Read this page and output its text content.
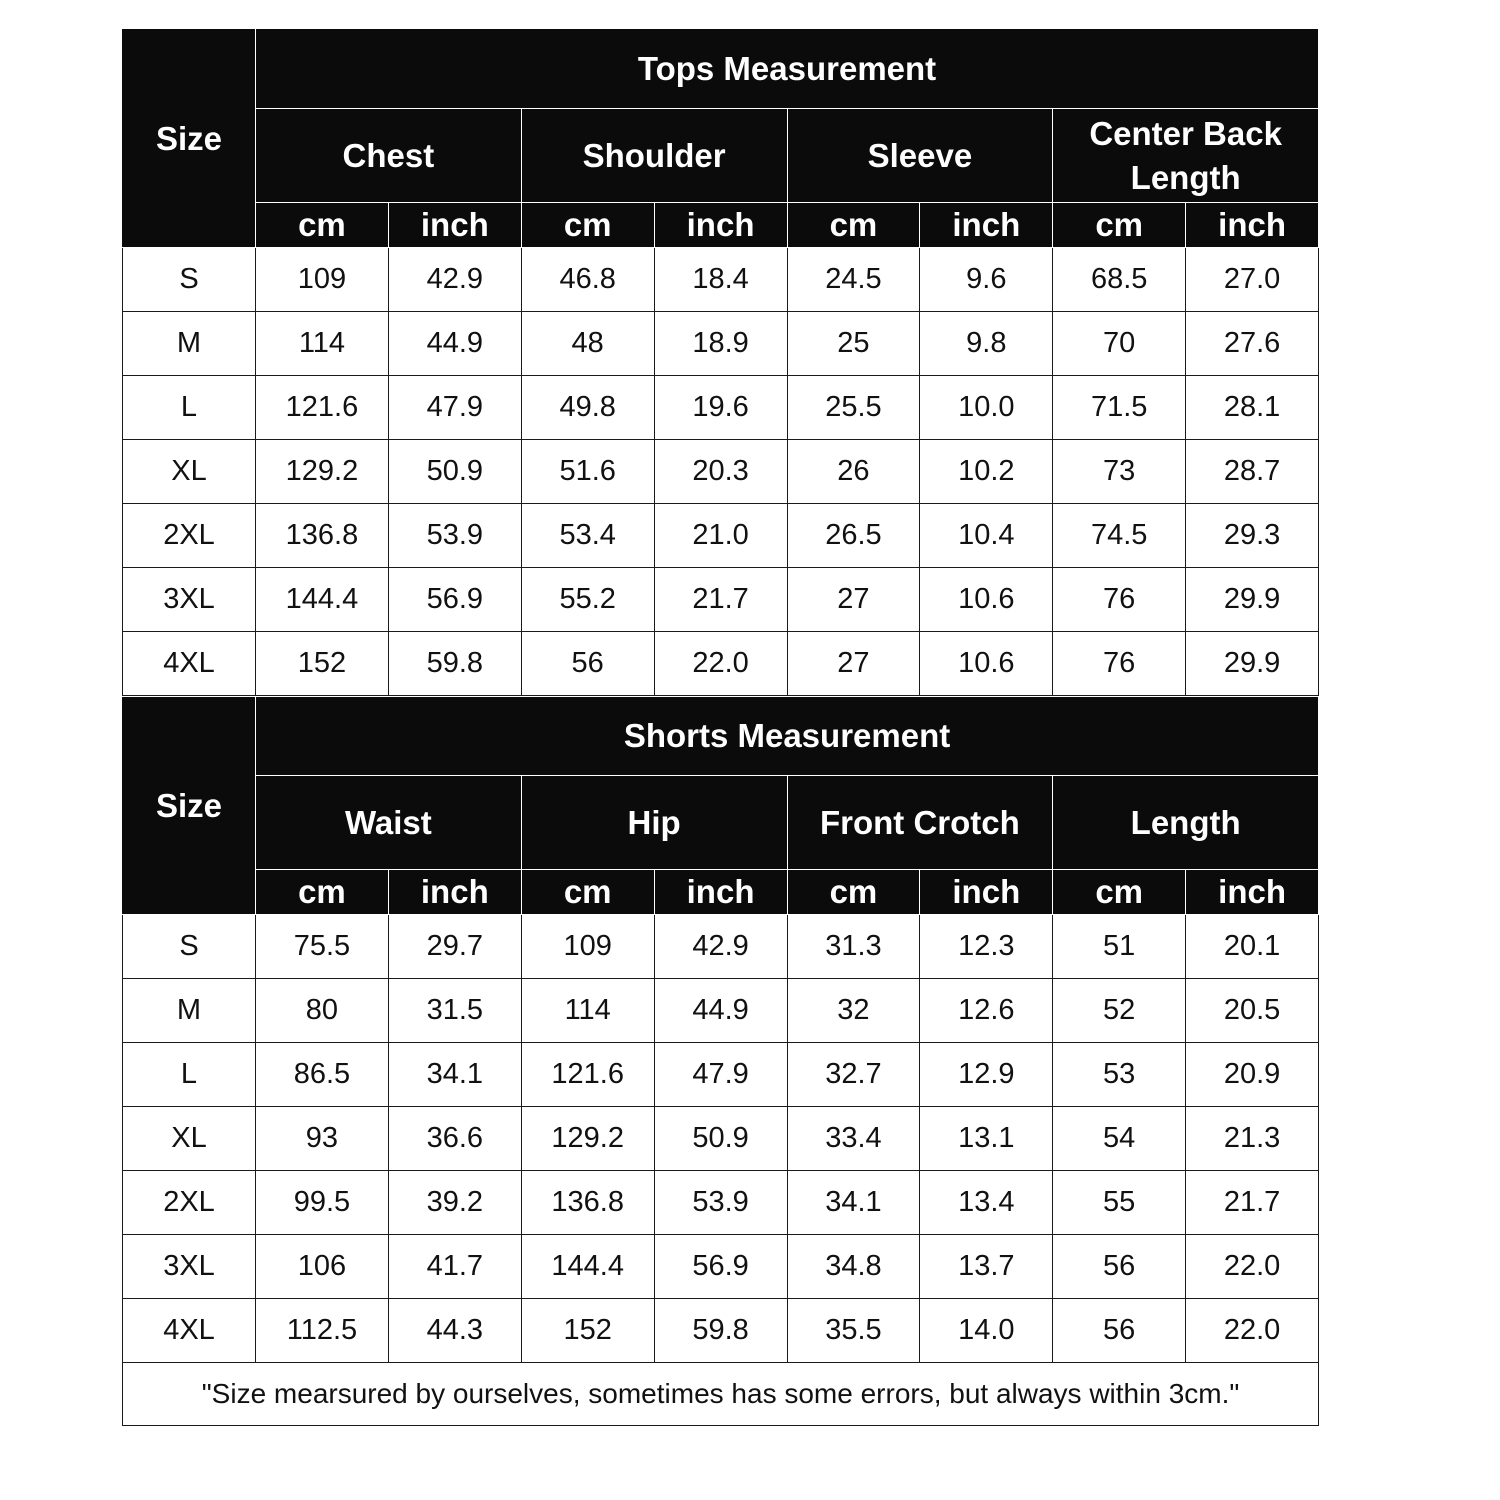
Size	Tops Measurement							
	Chest		Shoulder		Sleeve		Center Back Length	
	cm	inch	cm	inch	cm	inch	cm	inch
S	109	42.9	46.8	18.4	24.5	9.6	68.5	27.0
M	114	44.9	48	18.9	25	9.8	70	27.6
L	121.6	47.9	49.8	19.6	25.5	10.0	71.5	28.1
XL	129.2	50.9	51.6	20.3	26	10.2	73	28.7
2XL	136.8	53.9	53.4	21.0	26.5	10.4	74.5	29.3
3XL	144.4	56.9	55.2	21.7	27	10.6	76	29.9
4XL	152	59.8	56	22.0	27	10.6	76	29.9
Size	Shorts Measurement							
	Waist		Hip		Front Crotch		Length	
	cm	inch	cm	inch	cm	inch	cm	inch
S	75.5	29.7	109	42.9	31.3	12.3	51	20.1
M	80	31.5	114	44.9	32	12.6	52	20.5
L	86.5	34.1	121.6	47.9	32.7	12.9	53	20.9
XL	93	36.6	129.2	50.9	33.4	13.1	54	21.3
2XL	99.5	39.2	136.8	53.9	34.1	13.4	55	21.7
3XL	106	41.7	144.4	56.9	34.8	13.7	56	22.0
4XL	112.5	44.3	152	59.8	35.5	14.0	56	22.0
"Size mearsured by ourselves, sometimes has some errors, but always within 3cm."								
